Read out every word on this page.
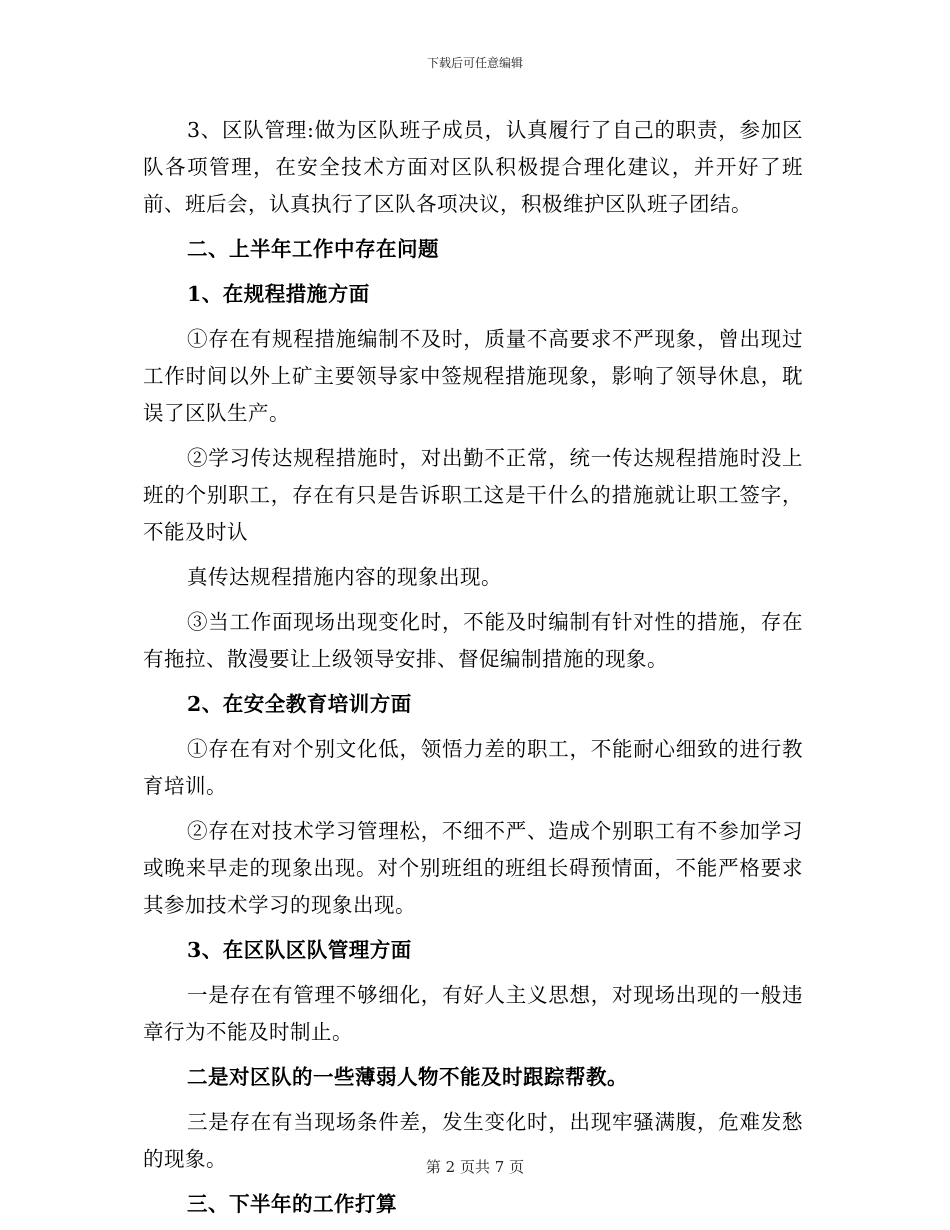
下载后可任意编辑

3、区队管理:做为区队班子成员，认真履行了自己的职责，参加区队各项管理，在安全技术方面对区队积极提合理化建议，并开好了班前、班后会，认真执行了区队各项决议，积极维护区队班子团结。

二、上半年工作中存在问题

1、在规程措施方面

①存在有规程措施编制不及时，质量不高要求不严现象，曾出现过工作时间以外上矿主要领导家中签规程措施现象，影响了领导休息，耽误了区队生产。

②学习传达规程措施时，对出勤不正常，统一传达规程措施时没上班的个别职工，存在有只是告诉职工这是干什么的措施就让职工签字，不能及时认

真传达规程措施内容的现象出现。

③当工作面现场出现变化时，不能及时编制有针对性的措施，存在有拖拉、散漫要让上级领导安排、督促编制措施的现象。

2、在安全教育培训方面

①存在有对个别文化低，领悟力差的职工，不能耐心细致的进行教育培训。

②存在对技术学习管理松，不细不严、造成个别职工有不参加学习或晚来早走的现象出现。对个别班组的班组长碍预情面，不能严格要求其参加技术学习的现象出现。

3、在区队区队管理方面

一是存在有管理不够细化，有好人主义思想，对现场出现的一般违章行为不能及时制止。

二是对区队的一些薄弱人物不能及时跟踪帮教。

三是存在有当现场条件差，发生变化时，出现牢骚满腹，危难发愁的现象。

三、下半年的工作打算

第 2 页共 7 页
